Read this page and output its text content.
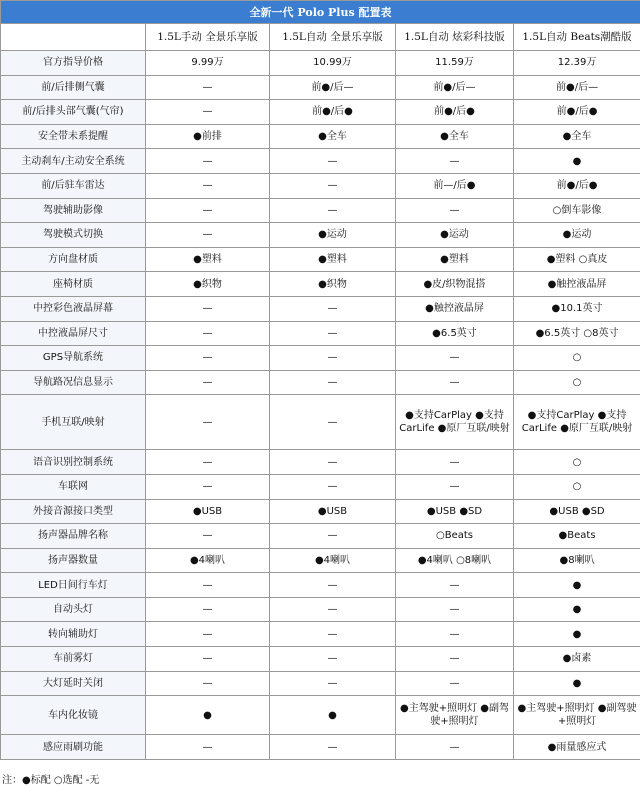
全新一代 Polo Plus 配置表				
	1.5L手动 全景乐享版	1.5L自动 全景乐享版	1.5L自动 炫彩科技版	1.5L自动 Beats潮酷版
官方指导价格	9.99万	10.99万	11.59万	12.39万
前/后排侧气囊	—	前●/后—	前●/后—	前●/后—
前/后排头部气囊(气帘)	—	前●/后●	前●/后●	前●/后●
安全带未系提醒	●前排	●全车	●全车	●全车
主动刹车/主动安全系统	—	—	—	●
前/后驻车雷达	—	—	前—/后●	前●/后●
驾驶辅助影像	—	—	—	○倒车影像
驾驶模式切换	—	●运动	●运动	●运动
方向盘材质	●塑料	●塑料	●塑料	●塑料 ○真皮
座椅材质	●织物	●织物	●皮/织物混搭	●触控液晶屏
中控彩色液晶屏幕	—	—	●触控液晶屏	●10.1英寸
中控液晶屏尺寸	—	—	●6.5英寸	●6.5英寸 ○8英寸
GPS导航系统	—	—	—	○
导航路况信息显示	—	—	—	○
手机互联/映射	—	—	●支持CarPlay ●支持CarLife ●原厂互联/映射	●支持CarPlay ●支持CarLife ●原厂互联/映射
语音识别控制系统	—	—	—	○
车联网	—	—	—	○
外接音源接口类型	●USB	●USB	●USB ●SD	●USB ●SD
扬声器品牌名称	—	—	○Beats	●Beats
扬声器数量	●4喇叭	●4喇叭	●4喇叭 ○8喇叭	●8喇叭
LED日间行车灯	—	—	—	●
自动头灯	—	—	—	●
转向辅助灯	—	—	—	●
车前雾灯	—	—	—	●卤素
大灯延时关闭	—	—	—	●
车内化妆镜	●	●	●主驾驶+照明灯 ●副驾驶+照明灯	●主驾驶+照明灯 ●副驾驶+照明灯
感应雨刷功能	—	—	—	●雨量感应式
注：●标配 ○选配 -无
